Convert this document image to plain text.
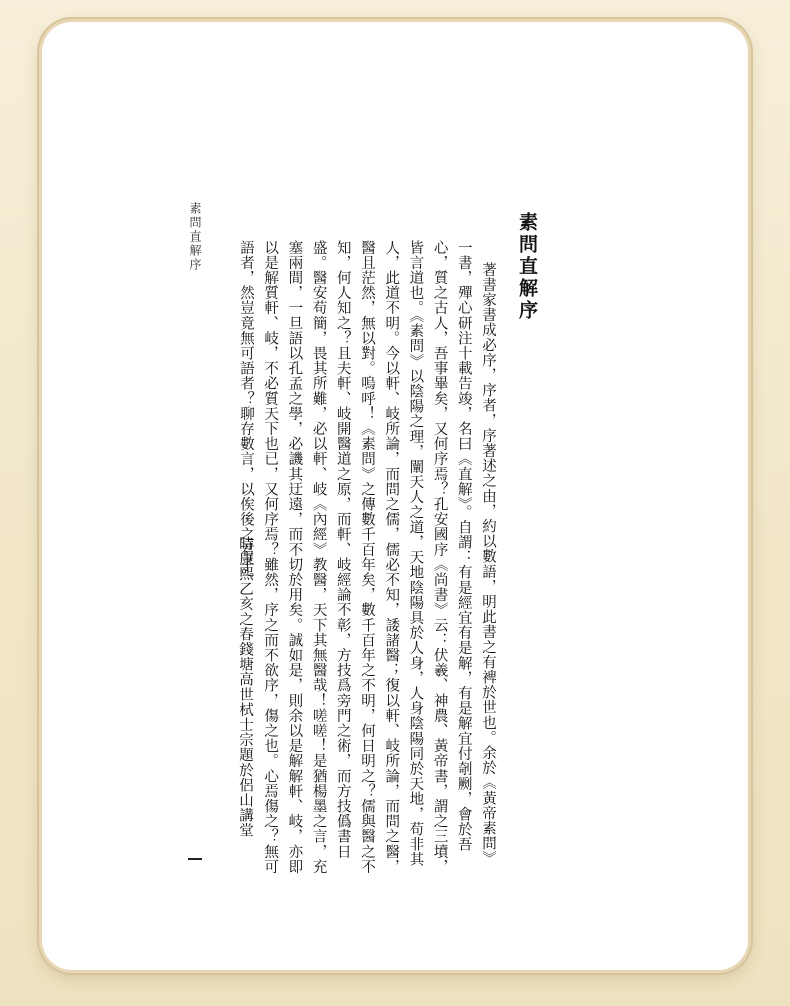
素問直解序	素問直解序

著書家書成必序，序者，序著述之由，約以數語，明此書之有裨於世也。余於《黃帝素問》一書，殫心研注十載告竣，名曰《直解》。自謂：有是經宜有是解，有是解宜付剞劂，會於吾心，質之古人，吾事畢矣，又何序焉？孔安國序《尚書》云：伏羲、神農、黃帝書，謂之三墳，皆言道也。《素問》以陰陽之理，闡天人之道，天地陰陽具於人身，人身陰陽同於天地，苟非其人，此道不明。今以軒、岐所論，而問之儒，儒必不知，諉諸醫；復以軒、岐所論，而問之醫，醫且茫然，無以對。嗚呼！《素問》之傳數千百年矣，數千百年之不明，何日明之？儒與醫之不知，何人知之？且夫軒、岐開醫道之原，而軒、岐經論不彰，方技爲旁門之術，而方技僞書日盛。醫安苟簡，畏其所難，必以軒、岐《內經》教醫，天下其無醫哉！嗟嗟！是猶楊墨之言，充塞兩間，一旦語以孔孟之學，必譏其迂遠，而不切於用矣。誠如是，則余以是解解軒、岐，亦即以是解質軒、岐，不必質天下也已，又何序焉？雖然，序之而不欲序，傷之也。心焉傷之？無可語者，然豈竟無可語者？聊存數言，以俟後之君子。

時康熙乙亥之春錢塘高世栻士宗題於侶山講堂
